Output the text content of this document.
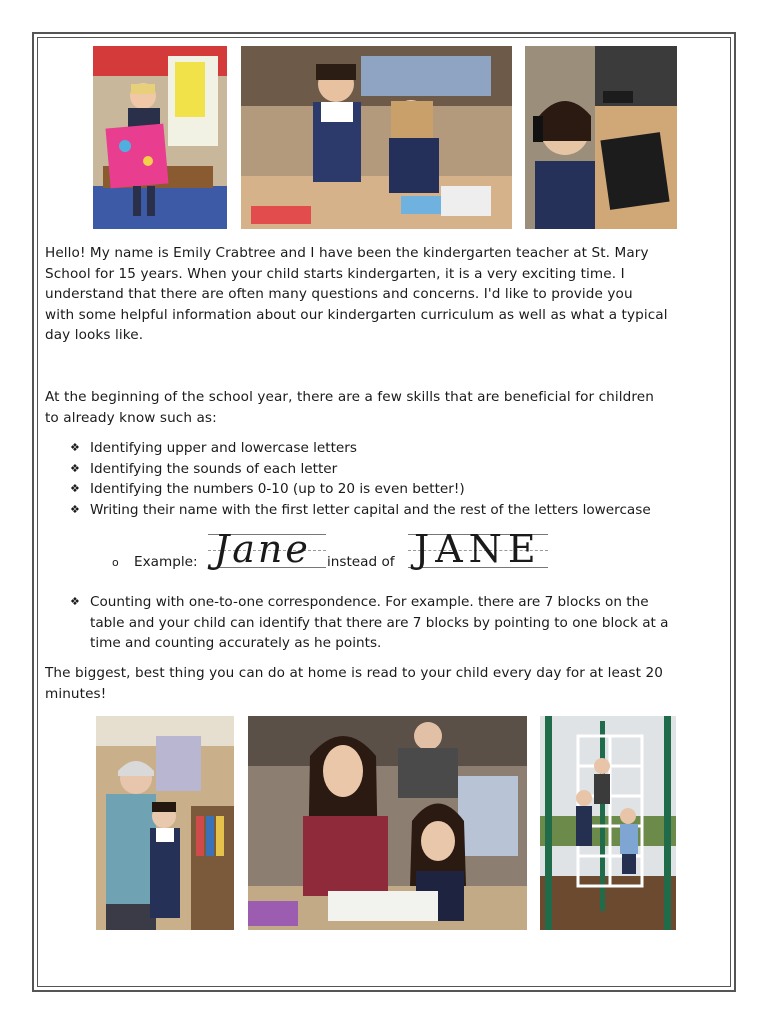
Hello! My name is Emily Crabtree and I have been the kindergarten teacher at St. Mary
School for 15 years. When your child starts kindergarten, it is a very exciting time. I
understand that there are often many questions and concerns. I'd like to provide you
with some helpful information about our kindergarten curriculum as well as what a typical
day looks like.
At the beginning of the school year, there are a few skills that are beneficial for children
to already know such as:
❖ Identifying upper and lowercase letters
❖ Identifying the sounds of each letter
❖ Identifying the numbers 0-10 (up to 20 is even better!)
❖ Writing their name with the first letter capital and the rest of the letters lowercase
o Example: Jane instead of JANE
❖ Counting with one-to-one correspondence. For example. there are 7 blocks on the
table and your child can identify that there are 7 blocks by pointing to one block at a
time and counting accurately as he points.
The biggest, best thing you can do at home is read to your child every day for at least 20
minutes!
